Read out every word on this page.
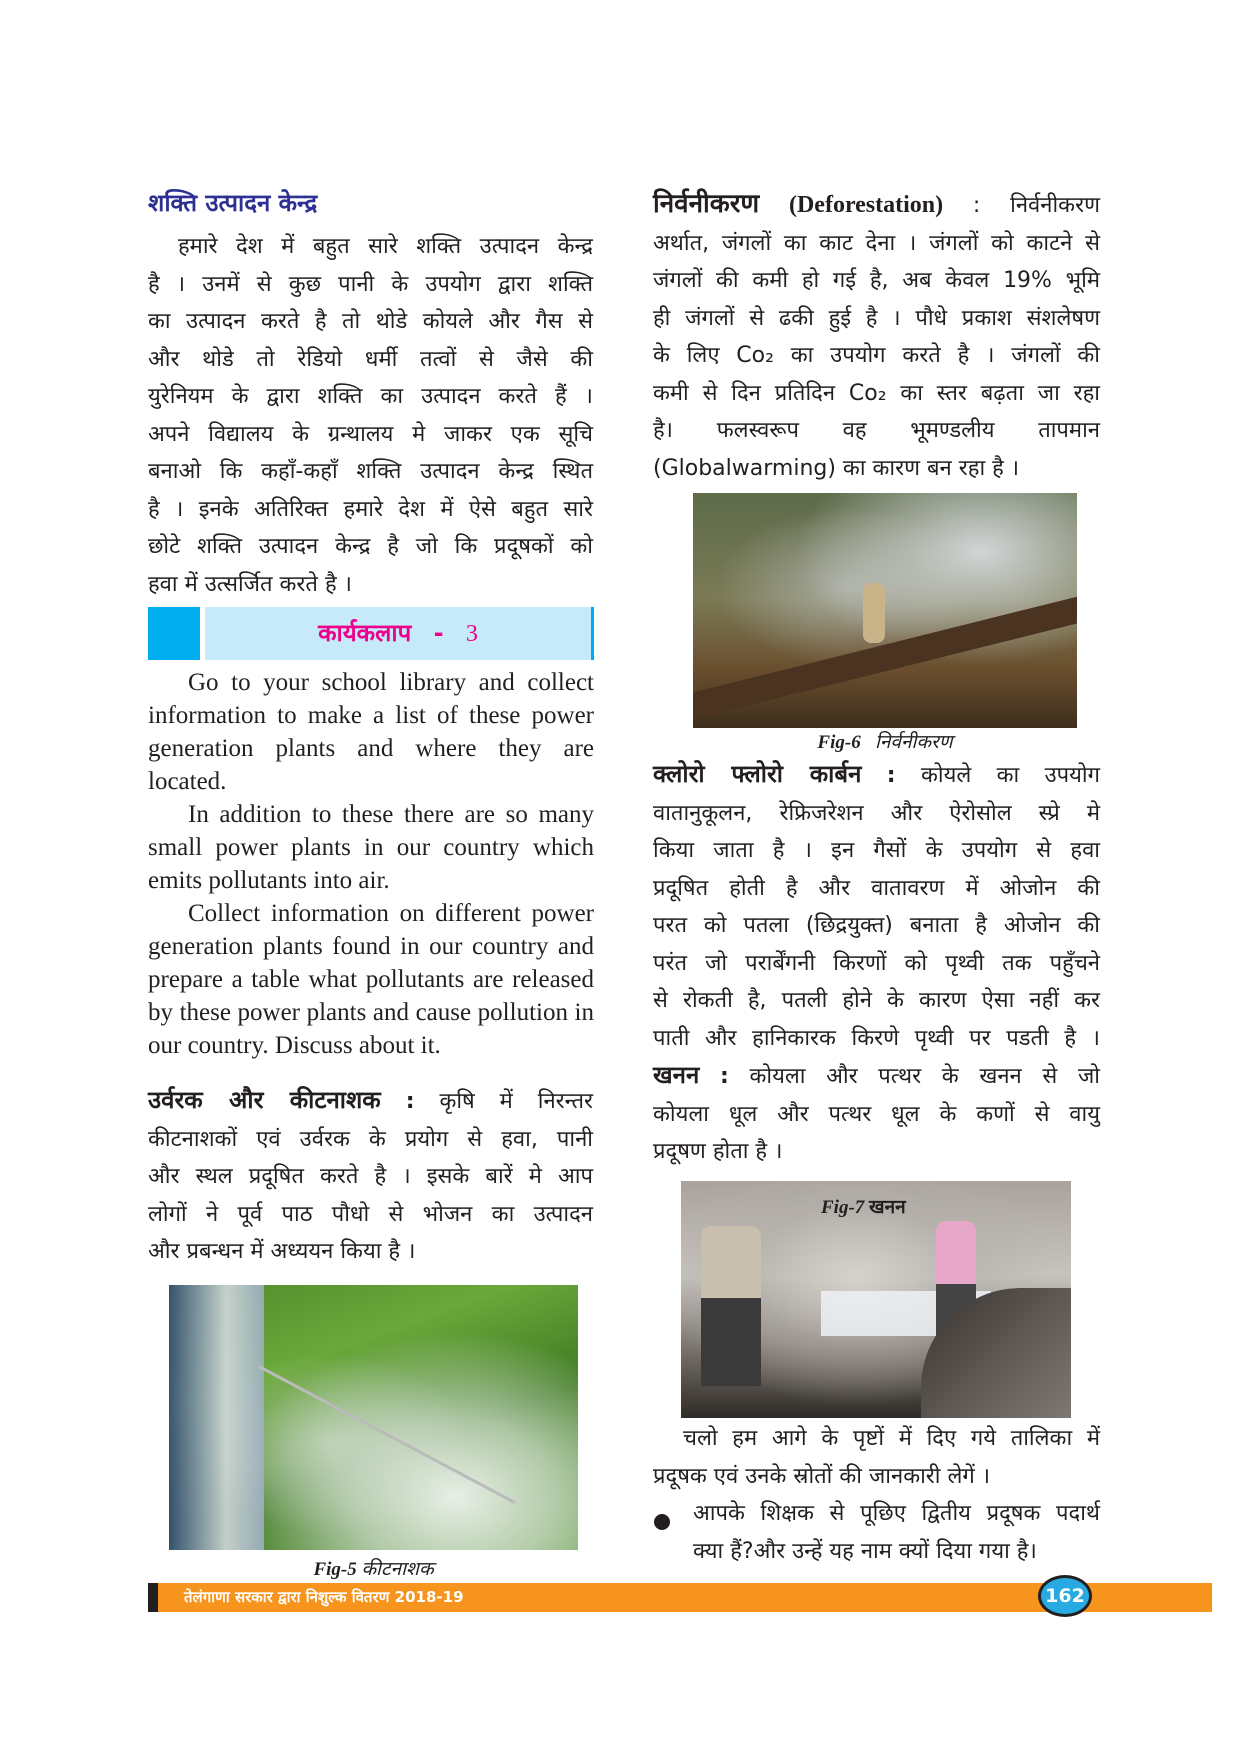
शक्ति उत्पादन केन्द्र
हमारे देश में बहुत सारे शक्ति उत्पादन केन्द्र
है । उनमें से कुछ पानी के उपयोग द्वारा शक्ति
का उत्पादन करते है तो थोडे कोयले और गैस से
और थोडे तो रेडियो धर्मी तत्वों से जैसे की
युरेनियम के द्वारा शक्ति का उत्पादन करते हैं ।
अपने विद्यालय के ग्रन्थालय मे जाकर एक सूचि
बनाओ कि कहाँ-कहाँ शक्ति उत्पादन केन्द्र स्थित
है । इनके अतिरिक्त हमारे देश में ऐसे बहुत सारे
छोटे शक्ति उत्पादन केन्द्र है जो कि प्रदूषकों को
हवा में उत्सर्जित करते है ।
कार्यकलाप - 3

Go to your school library and collect information to make a list of these power generation plants and where they are located.

In addition to these there are so many small power plants in our country which emits pollutants into air.

Collect information on different power generation plants found in our country and prepare a table what pollutants are released by these power plants and cause pollution in our country. Discuss about it.

उर्वरक और कीटनाशक : कृषि में निरन्तर
कीटनाशकों एवं उर्वरक के प्रयोग से हवा, पानी
और स्थल प्रदूषित करते है । इसके बारें मे आप
लोगों ने पूर्व पाठ पौधो से भोजन का उत्पादन
और प्रबन्धन में अध्ययन किया है ।
Fig-5 कीटनाशक
निर्वनीकरण (Deforestation) : निर्वनीकरण
अर्थात, जंगलों का काट देना । जंगलों को काटने से
जंगलों की कमी हो गई है, अब केवल 19% भूमि
ही जंगलों से ढकी हुई है । पौधे प्रकाश संशलेषण
के लिए Co₂ का उपयोग करते है । जंगलों की
कमी से दिन प्रतिदिन Co₂ का स्तर बढ़ता जा रहा
है। फलस्वरूप वह भूमण्डलीय तापमान
(Globalwarming) का कारण बन रहा है ।
Fig-6 निर्वनीकरण
क्लोरो फ्लोरो कार्बन : कोयले का उपयोग
वातानुकूलन, रेफ्रिजरेशन और ऐरोसोल स्प्रे मे
किया जाता है । इन गैसों के उपयोग से हवा
प्रदूषित होती है और वातावरण में ओजोन की
परत को पतला (छिद्रयुक्त) बनाता है ओजोन की
परंत जो परार्बेंगनी किरणों को पृथ्वी तक पहुँचने
से रोकती है, पतली होने के कारण ऐसा नहीं कर
पाती और हानिकारक किरणे पृथ्वी पर पडती है ।
खनन : कोयला और पत्थर के खनन से जो
कोयला धूल और पत्थर धूल के कणों से वायु
प्रदूषण होता है ।
Fig-7 खनन
चलो हम आगे के पृष्टों में दिए गये तालिका में
प्रदूषक एवं उनके स्रोतों की जानकारी लेगें ।
आपके शिक्षक से पूछिए द्वितीय प्रदूषक पदार्थ
क्या हैं?और उन्हें यह नाम क्यों दिया गया है।
तेलंगाणा सरकार द्वारा निशुल्क वितरण 2018-19	162
